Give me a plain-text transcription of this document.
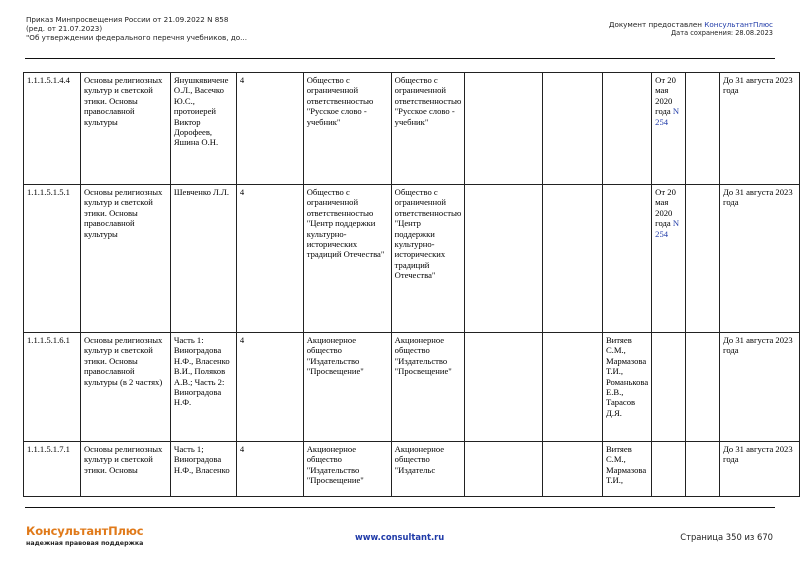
Приказ Минпросвещения России от 21.09.2022 N 858
(ред. от 21.07.2023)
"Об утверждении федерального перечня учебников, до...
Документ предоставлен КонсультантПлюс
Дата сохранения: 28.08.2023
1.1.1.5.1.4.4	Основы религиозных культур и светской этики. Основы православной культуры	Янушкявичене О.Л., Васечко Ю.С., протоиерей Виктор Дорофеев, Яшина О.Н.	4	Общество с ограниченной ответственностью "Русское слово - учебник"	Общество с ограниченной ответственностью "Русское слово - учебник"				От 20 мая 2020 года N 254		До 31 августа 2023 года
1.1.1.5.1.5.1	Основы религиозных культур и светской этики. Основы православной культуры	Шевченко Л.Л.	4	Общество с ограниченной ответственностью "Центр поддержки культурно-исторических традиций Отечества"	Общество с ограниченной ответственностью "Центр поддержки культурно-исторических традиций Отечества"				От 20 мая 2020 года N 254		До 31 августа 2023 года
1.1.1.5.1.6.1	Основы религиозных культур и светской этики. Основы православной культуры (в 2 частях)	Часть 1: Виноградова Н.Ф., Власенко В.И., Поляков А.В.; Часть 2: Виноградова Н.Ф.	4	Акционерное общество "Издательство "Просвещение"	Акционерное общество "Издательство "Просвещение"			Витяев С.М., Мармазова Т.И., Романькова Е.В., Тарасов Д.Я.			До 31 августа 2023 года
1.1.1.5.1.7.1	Основы религиозных культур и светской этики. Основы	Часть 1; Виноградова Н.Ф., Власенко	4	Акционерное общество "Издательство "Просвещение"	Акционерное общество "Издательс			Витяев С.М., Мармазова Т.И.,			До 31 августа 2023 года
КонсультантПлюс
надежная правовая поддержка
www.consultant.ru	Страница 350 из 670
